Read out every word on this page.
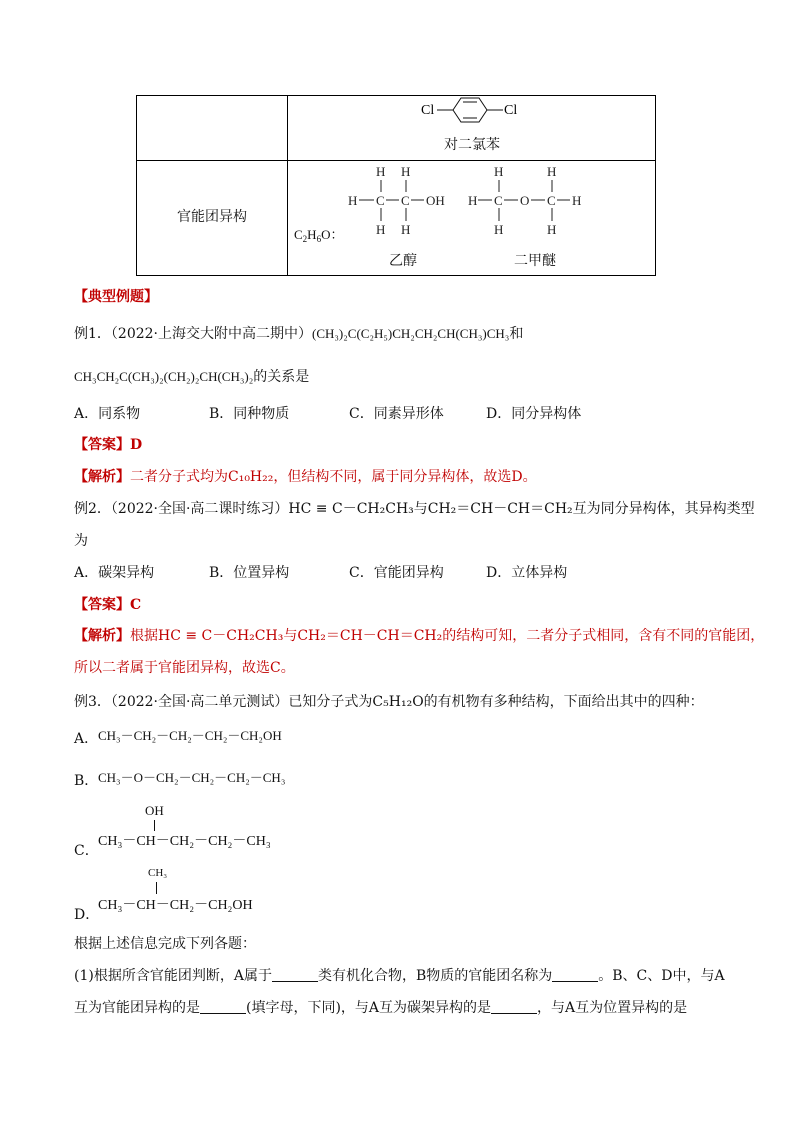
Cl	Cl
对二氯苯
官能团异构
$C_2H_6O$：
H H
H C C OH
H H
H	H
H C O C H
H	H
乙醇	二甲醚
【典型例题】
例1．（2022·上海交大附中高二期中）(CH₃)₂C(C₂H₅)CH₂CH₂CH(CH₃)CH₃和
CH₃CH₂C(CH₃)₂(CH₂)₂CH(CH₃)₂的关系是
A．同系物	B．同种物质	C．同素异形体	D．同分异构体
【答案】D
【解析】二者分子式均为C₁₀H₂₂，但结构不同，属于同分异构体，故选D。
例2．（2022·全国·高二课时练习）HC ≡ C－CH₂CH₃与CH₂＝CH－CH＝CH₂互为同分异构体，其异构类型
为
A．碳架异构	B．位置异构	C．官能团异构	D．立体异构
【答案】C
【解析】根据HC ≡ C－CH₂CH₃与CH₂＝CH－CH＝CH₂的结构可知，二者分子式相同，含有不同的官能团，
所以二者属于官能团异构，故选C。
例3．（2022·全国·高二单元测试）已知分子式为C₅H₁₂O的有机物有多种结构，下面给出其中的四种：
A． CH₃－CH₂－CH₂－CH₂－CH₂OH
B． CH₃－O－CH₂－CH₂－CH₂－CH₃
OH
CH₃－CH－CH₂－CH₂－CH₃
C．
CH₃
CH₃－CH－CH₂－CH₂OH
D．
根据上述信息完成下列各题：
(1)根据所含官能团判断，A属于	类有机化合物，B物质的官能团名称为	。B、C、D中，与A
互为官能团异构的是	(填字母，下同)，与A互为碳架异构的是	，与A互为位置异构的是
